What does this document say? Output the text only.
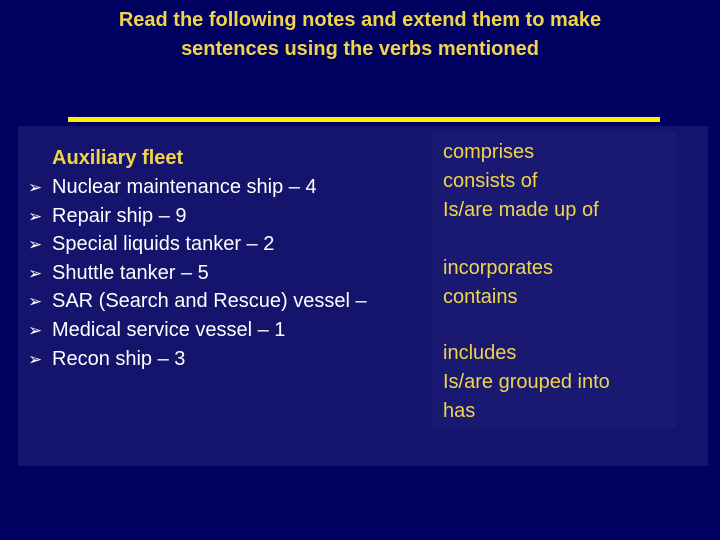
Read the following notes and extend them to make
sentences using the verbs mentioned
Auxiliary fleet
➢ Nuclear maintenance ship – 4
➢ Repair ship – 9
➢ Special liquids tanker – 2
➢ Shuttle tanker – 5
➢ SAR (Search and Rescue) vessel –
➢ Medical service vessel – 1
➢ Recon ship – 3
comprises
consists of
Is/are made up of
incorporates
contains
includes
Is/are grouped into
has
